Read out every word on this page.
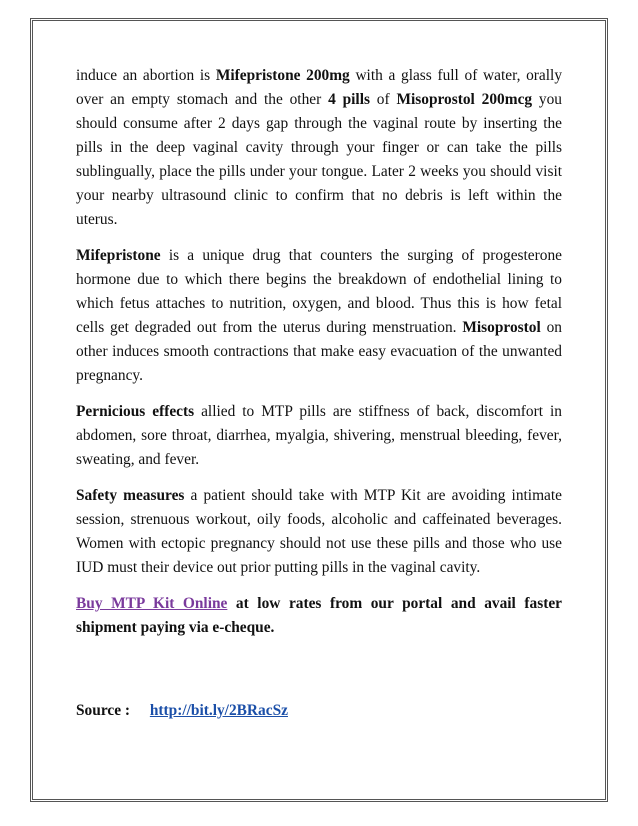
induce an abortion is Mifepristone 200mg with a glass full of water, orally over an empty stomach and the other 4 pills of Misoprostol 200mcg you should consume after 2 days gap through the vaginal route by inserting the pills in the deep vaginal cavity through your finger or can take the pills sublingually, place the pills under your tongue. Later 2 weeks you should visit your nearby ultrasound clinic to confirm that no debris is left within the uterus.

Mifepristone is a unique drug that counters the surging of progesterone hormone due to which there begins the breakdown of endothelial lining to which fetus attaches to nutrition, oxygen, and blood. Thus this is how fetal cells get degraded out from the uterus during menstruation. Misoprostol on other induces smooth contractions that make easy evacuation of the unwanted pregnancy.

Pernicious effects allied to MTP pills are stiffness of back, discomfort in abdomen, sore throat, diarrhea, myalgia, shivering, menstrual bleeding, fever, sweating, and fever.

Safety measures a patient should take with MTP Kit are avoiding intimate session, strenuous workout, oily foods, alcoholic and caffeinated beverages. Women with ectopic pregnancy should not use these pills and those who use IUD must their device out prior putting pills in the vaginal cavity.

Buy MTP Kit Online at low rates from our portal and avail faster shipment paying via e-cheque.

Source : http://bit.ly/2BRacSz
